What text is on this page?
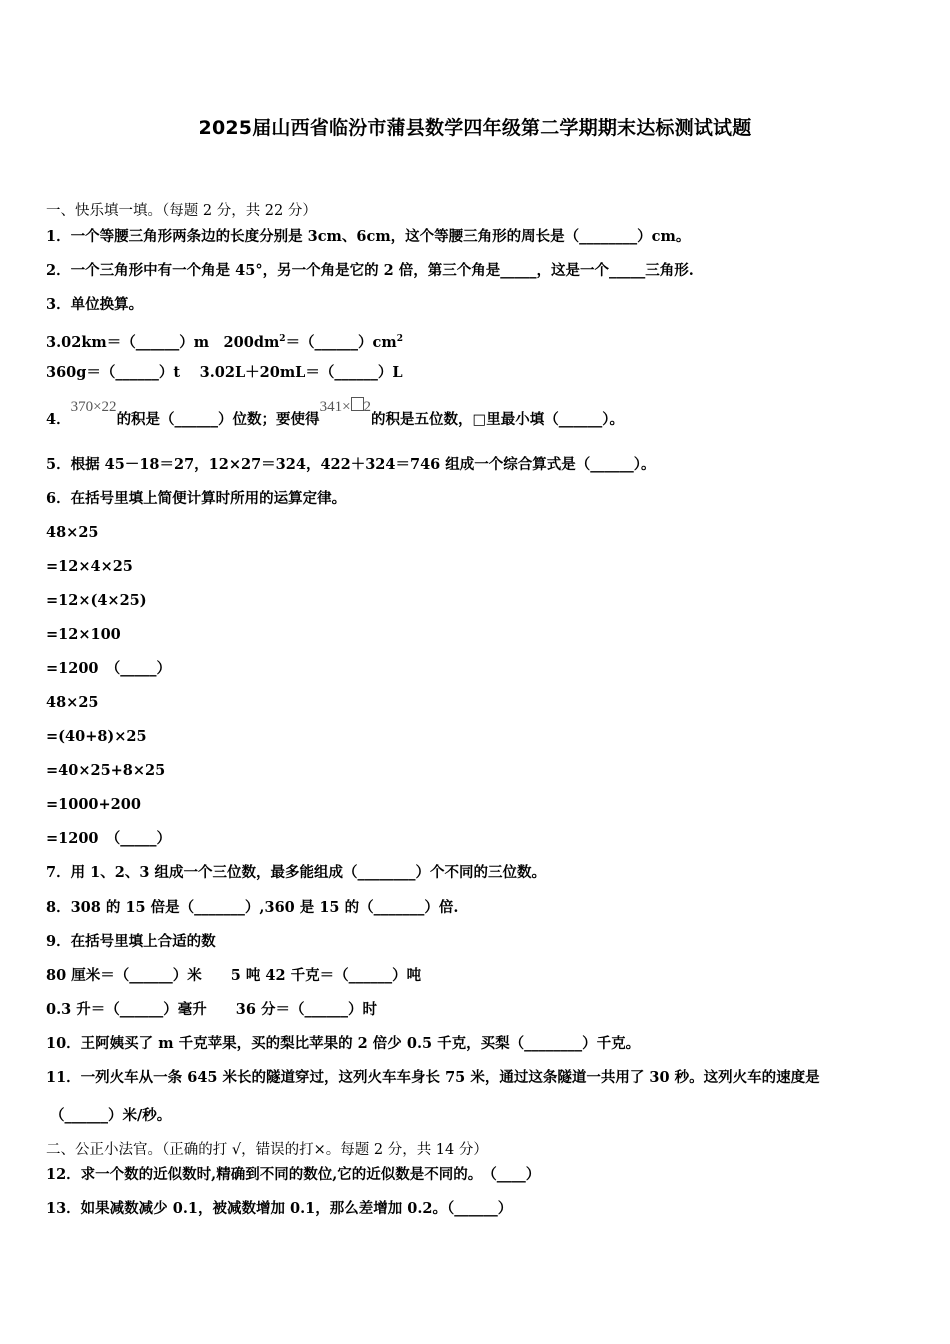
2025届山西省临汾市蒲县数学四年级第二学期期末达标测试试题
一、快乐填一填。（每题 2 分，共 22 分）
1．一个等腰三角形两条边的长度分别是 3cm、6cm，这个等腰三角形的周长是（________）cm。
2．一个三角形中有一个角是 45°，另一个角是它的 2 倍，第三个角是_____，这是一个_____三角形.
3．单位换算。
3.02km＝（______）m　$200dm^2=(\_\_\_\_\_\_)cm^2$
360g＝（______）t　 3.02L＋20mL＝（______）L
4．370×22的积是（______）位数；要使得341× 2的积是五位数，□里最小填（______）。
5．根据 45－18＝27，12×27＝324，422＋324＝746 组成一个综合算式是（______）。
6．在括号里填上简便计算时所用的运算定律。
48×25
=12×4×25
=12×(4×25)
=12×100
=1200　（_____）
48×25
=(40+8)×25
=40×25+8×25
=1000+200
=1200　（_____）
7．用 1、2、3 组成一个三位数，最多能组成（________）个不同的三位数。
8．308 的 15 倍是（_______）,360 是 15 的（_______）倍.
9．在括号里填上合适的数
80 厘米＝（______）米　　5 吨 42 千克＝（______）吨
0.3 升＝（______）毫升　　36 分＝（______）时
10．王阿姨买了 m 千克苹果，买的梨比苹果的 2 倍少 0.5 千克，买梨（________）千克。
11．一列火车从一条 645 米长的隧道穿过，这列火车车身长 75 米，通过这条隧道一共用了 30 秒。这列火车的速度是
（______）米/秒。
二、公正小法官。（正确的打 √，错误的打×。每题 2 分，共 14 分）
12．求一个数的近似数时,精确到不同的数位,它的近似数是不同的。　（____）
13．如果减数减少 0.1，被减数增加 0.1，那么差增加 0.2。（______）
